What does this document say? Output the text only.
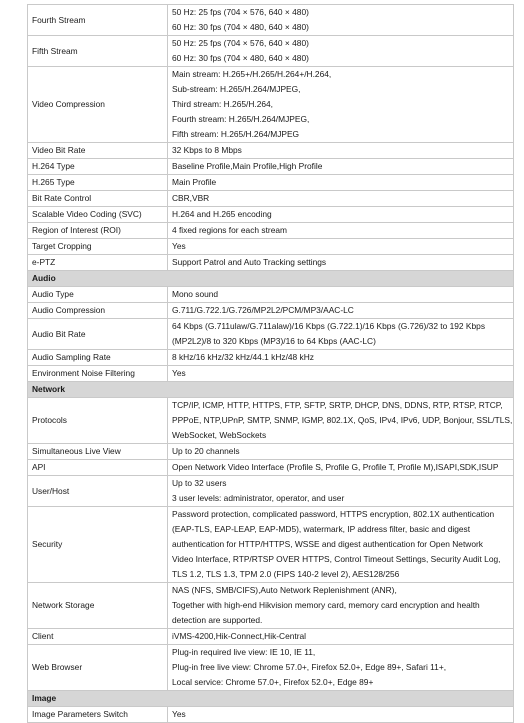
Fourth Stream	50 Hz: 25 fps (704 × 576, 640 × 480)
60 Hz: 30 fps (704 × 480, 640 × 480)

Fifth Stream	50 Hz: 25 fps (704 × 576, 640 × 480)
60 Hz: 30 fps (704 × 480, 640 × 480)

Video Compression	Main stream: H.265+/H.265/H.264+/H.264,
Sub-stream: H.265/H.264/MJPEG,
Third stream: H.265/H.264,
Fourth stream: H.265/H.264/MJPEG,
Fifth stream: H.265/H.264/MJPEG

Video Bit Rate	32 Kbps to 8 Mbps

H.264 Type	Baseline Profile,Main Profile,High Profile

H.265 Type	Main Profile

Bit Rate Control	CBR,VBR

Scalable Video Coding (SVC)	H.264 and H.265 encoding

Region of Interest (ROI)	4 fixed regions for each stream

Target Cropping	Yes

e-PTZ	Support Patrol and Auto Tracking settings

Audio	
Audio Type	Mono sound

Audio Compression	G.711/G.722.1/G.726/MP2L2/PCM/MP3/AAC-LC

Audio Bit Rate	64 Kbps (G.711ulaw/G.711alaw)/16 Kbps (G.722.1)/16 Kbps (G.726)/32 to 192 Kbps
(MP2L2)/8 to 320 Kbps (MP3)/16 to 64 Kbps (AAC-LC)

Audio Sampling Rate	8 kHz/16 kHz/32 kHz/44.1 kHz/48 kHz

Environment Noise Filtering	Yes

Network	
Protocols	TCP/IP, ICMP, HTTP, HTTPS, FTP, SFTP, SRTP, DHCP, DNS, DDNS, RTP, RTSP, RTCP,
PPPoE, NTP,UPnP, SMTP, SNMP, IGMP, 802.1X, QoS, IPv4, IPv6, UDP, Bonjour, SSL/TLS,
WebSocket, WebSockets

Simultaneous Live View	Up to 20 channels

API	Open Network Video Interface (Profile S, Profile G, Profile T, Profile M),ISAPI,SDK,ISUP

User/Host	Up to 32 users
3 user levels: administrator, operator, and user

Security	Password protection, complicated password, HTTPS encryption, 802.1X authentication
(EAP-TLS, EAP-LEAP, EAP-MD5), watermark, IP address filter, basic and digest
authentication for HTTP/HTTPS, WSSE and digest authentication for Open Network
Video Interface, RTP/RTSP OVER HTTPS, Control Timeout Settings, Security Audit Log,
TLS 1.2, TLS 1.3, TPM 2.0 (FIPS 140-2 level 2), AES128/256

Network Storage	NAS (NFS, SMB/CIFS),Auto Network Replenishment (ANR),
Together with high-end Hikvision memory card, memory card encryption and health
detection are supported.

Client	iVMS-4200,Hik-Connect,Hik-Central

Web Browser	Plug-in required live view: IE 10, IE 11,
Plug-in free live view: Chrome 57.0+, Firefox 52.0+, Edge 89+, Safari 11+,
Local service: Chrome 57.0+, Firefox 52.0+, Edge 89+

Image	
Image Parameters Switch	Yes
